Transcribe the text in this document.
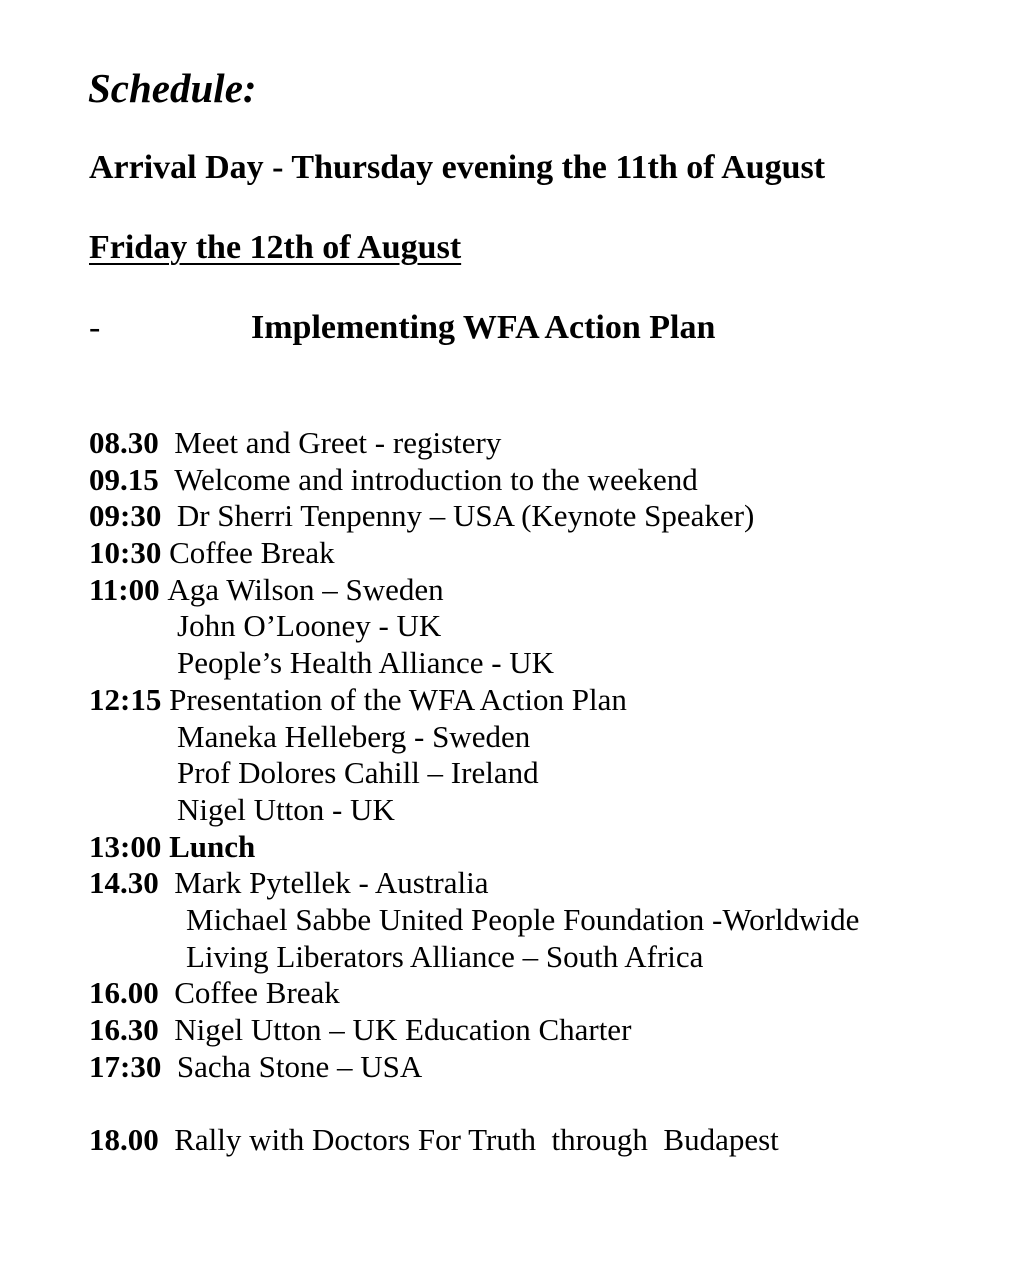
Schedule:
Arrival Day - Thursday evening the 11th of August
Friday the 12th of August
-	Implementing WFA Action Plan
08.30 Meet and Greet - registery
09.15 Welcome and introduction to the weekend
09:30 Dr Sherri Tenpenny – USA (Keynote Speaker)
10:30 Coffee Break
11:00 Aga Wilson – Sweden
John O’Looney - UK
People’s Health Alliance - UK
12:15 Presentation of the WFA Action Plan
Maneka Helleberg - Sweden
Prof Dolores Cahill – Ireland
Nigel Utton - UK
13:00 Lunch
14.30 Mark Pytellek - Australia
Michael Sabbe United People Foundation -Worldwide
Living Liberators Alliance – South Africa
16.00 Coffee Break
16.30 Nigel Utton – UK Education Charter
17:30 Sacha Stone – USA
18.00 Rally with Doctors For Truth  through  Budapest
